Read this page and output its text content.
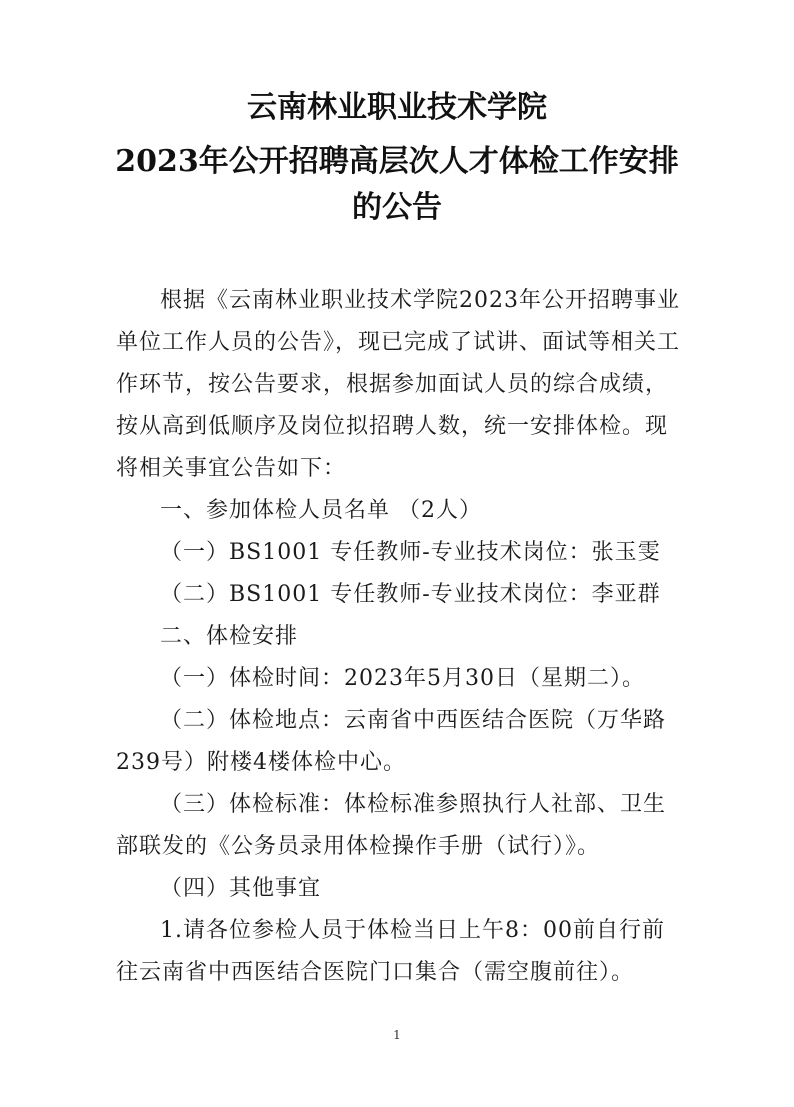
云南林业职业技术学院
2023年公开招聘高层次人才体检工作安排
的公告

根据《云南林业职业技术学院2023年公开招聘事业单位工作人员的公告》，现已完成了试讲、面试等相关工作环节，按公告要求，根据参加面试人员的综合成绩，按从高到低顺序及岗位拟招聘人数，统一安排体检。现将相关事宜公告如下：

一、参加体检人员名单 （2人）

（一）BS1001 专任教师-专业技术岗位：张玉雯

（二）BS1001 专任教师-专业技术岗位：李亚群

二、体检安排

（一）体检时间：2023年5月30日（星期二）。

（二）体检地点：云南省中西医结合医院（万华路239号）附楼4楼体检中心。

（三）体检标准：体检标准参照执行人社部、卫生部联发的《公务员录用体检操作手册（试行）》。

（四）其他事宜

1.请各位参检人员于体检当日上午8：00前自行前往云南省中西医结合医院门口集合（需空腹前往）。

1
